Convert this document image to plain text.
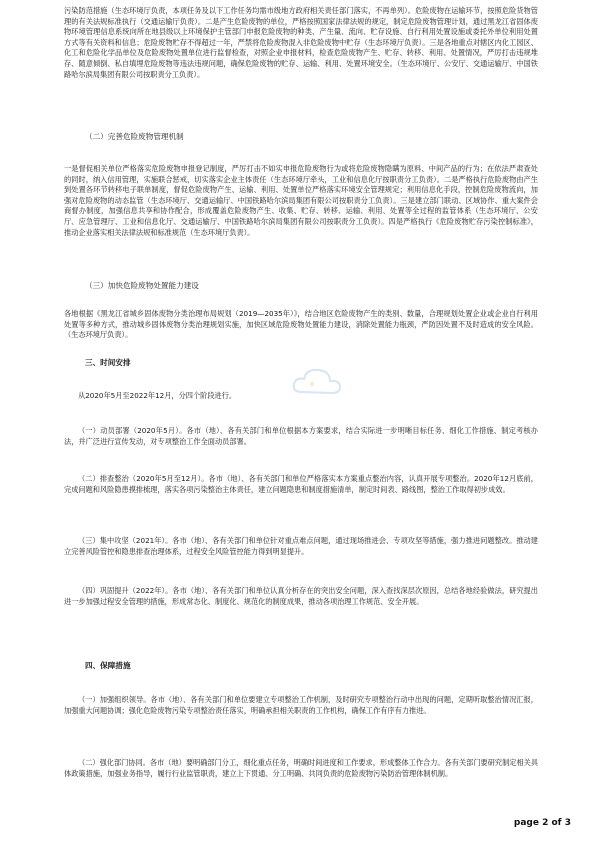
污染防范措施（生态环境厅负责，本项任务及以下工作任务均需市级地方政府相关责任部门落实，不再单列）。危险废物在运输环节，按照危险货物管理的有关法规标准执行（交通运输厅负责）。二是产生危险废物的单位，严格按照国家法律法规的规定，制定危险废物管理计划，通过黑龙江省固体废物环境管理信息系统向所在地县级以上环境保护主管部门申报危险废物的种类、产生量、流向、贮存设施、自行利用处置设施或委托外单位利用处置方式等有关资料和信息；危险废物贮存不得超过一年，严禁将危险废物混入非危险废物中贮存（生态环境厅负责）。三是各地重点对辖区内化工园区、化工和危险化学品单位及危险废物处置单位进行监督检查，对照企业申报材料，检查危险废物产生、贮存、转移、利用、处置情况，严厉打击违规堆存、随意倾倒、私自填埋危险废物等违法违规问题，确保危险废物的贮存、运输、利用、处置环境安全。（生态环境厅、公安厅、交通运输厅、中国铁路哈尔滨局集团有限公司按职责分工负责）。

（二）完善危险废物管理机制

一是督促相关单位严格落实危险废物申报登记制度，严厉打击不如实申报危险废物行为或将危险废物隐瞒为原料、中间产品的行为；在依法严肃查处的同时，纳入信用管理，实施联合惩戒，切实落实企业主体责任（生态环境厅牵头，工业和信息化厅按职责分工负责）。二是严格执行危险废物由产生到处置各环节转移电子联单制度，督促危险废物产生、运输、利用、处置单位严格落实环境安全管理规定；利用信息化手段，控制危险废物流向，加强对危险废物的动态监管（生态环境厅、交通运输厅、中国铁路哈尔滨局集团有限公司按职责分工负责）。三是建立部门联动、区域协作、重大案件会商督办制度，加强信息共享和协作配合，形成覆盖危险废物产生、收集、贮存、转移、运输、利用、处置等全过程的监管体系（生态环境厅、公安厅、应急管理厅、工业和信息化厅、交通运输厅、中国铁路哈尔滨局集团有限公司按职责分工负责）。四是严格执行《危险废物贮存污染控制标准》，推动企业落实相关法律法规和标准规范（生态环境厅负责）。

（三）加快危险废物处置能力建设

各地根据《黑龙江省城乡固体废物分类治理布局规划（2019—2035年）》，结合地区危险废物产生的类别、数量，合理规划处置企业或企业自行利用处置等多种方式，推动城乡固体废物分类治理规划实施，加快区域危险废物处置能力建设，消除处置能力瓶颈，严防因处置不及时造成的安全风险。（生态环境厅负责）。

三、时间安排

从2020年5月至2022年12月，分四个阶段进行。

（一）动员部署（2020年5月）。各市（地）、各有关部门和单位根据本方案要求，结合实际进一步明晰目标任务、细化工作措施、制定考核办法，并广泛进行宣传发动，对专项整治工作全面动员部署。

（二）排查整治（2020年5月至12月）。各市（地）、各有关部门和单位严格落实本方案重点整治内容，认真开展专项整治。2020年12月底前，完成问题和风险隐患摸排梳理，落实各项污染整治主体责任，建立问题隐患和制度措施清单，制定时间表、路线图，整治工作取得初步成效。

（三）集中攻坚（2021年）。各市（地）、各有关部门和单位针对重点难点问题，通过现场推进会、专项攻坚等措施，强力推进问题整改。推动建立完善风险管控和隐患排查治理体系，过程安全风险管控能力得到明显提升。

（四）巩固提升（2022年）。各市（地）、各有关部门和单位认真分析存在的突出安全问题，深入查找深层次原因，总结各地经验做法，研究提出进一步加强过程安全管理的措施，形成常态化、制度化、规范化的制度成果，推动各项治理工作规范、安全开展。

四、保障措施

（一）加强组织领导。各市（地）、各有关部门和单位要建立专项整治工作机制，及时研究专项整治行动中出现的问题，定期听取整治情况汇报，加强重大问题协调；强化危险废物污染专项整治责任落实，明确承担相关职责的工作机构，确保工作有序有力推进。

（二）强化部门协同。各市（地）要明确部门分工，细化重点任务，明确时间进度和工作要求，形成整体工作合力。各有关部门要研究制定相关具体政策措施，加强业务指导，履行行业监管职责，建立上下贯通、分工明确、共同负责的危险废物污染防治管理体制机制。

page 2 of 3
